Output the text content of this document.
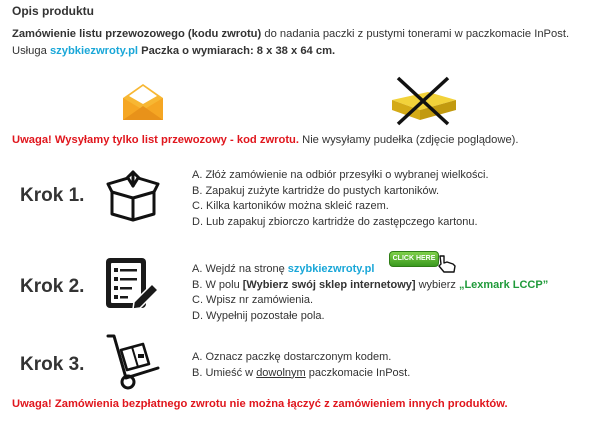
Opis produktu
Zamówienie listu przewozowego (kodu zwrotu) do nadania paczki z pustymi tonerami w paczkomacie InPost.
Usługa szybkiezwroty.pl Paczka o wymiarach: 8 x 38 x 64 cm.
Uwaga! Wysyłamy tylko list przewozowy - kod zwrotu. Nie wysyłamy pudełka (zdjęcie poglądowe).
Krok 1.
A. Złóż zamówienie na odbiór przesyłki o wybranej wielkości.
B. Zapakuj zużyte kartridże do pustych kartoników.
C. Kilka kartoników można skleić razem.
D. Lub zapakuj zbiorczo kartridże do zastępczego kartonu.
Krok 2.
A. Wejdź na stronę szybkiezwroty.pl
B. W polu [Wybierz swój sklep internetowy] wybierz „Lexmark LCCP”
C. Wpisz nr zamówienia.
D. Wypełnij pozostałe pola.
CLICK HERE
Krok 3.	A. Oznacz paczkę dostarczonym kodem.
B. Umieść w dowolnym paczkomacie InPost.
Uwaga! Zamówienia bezpłatnego zwrotu nie można łączyć z zamówieniem innych produktów.
